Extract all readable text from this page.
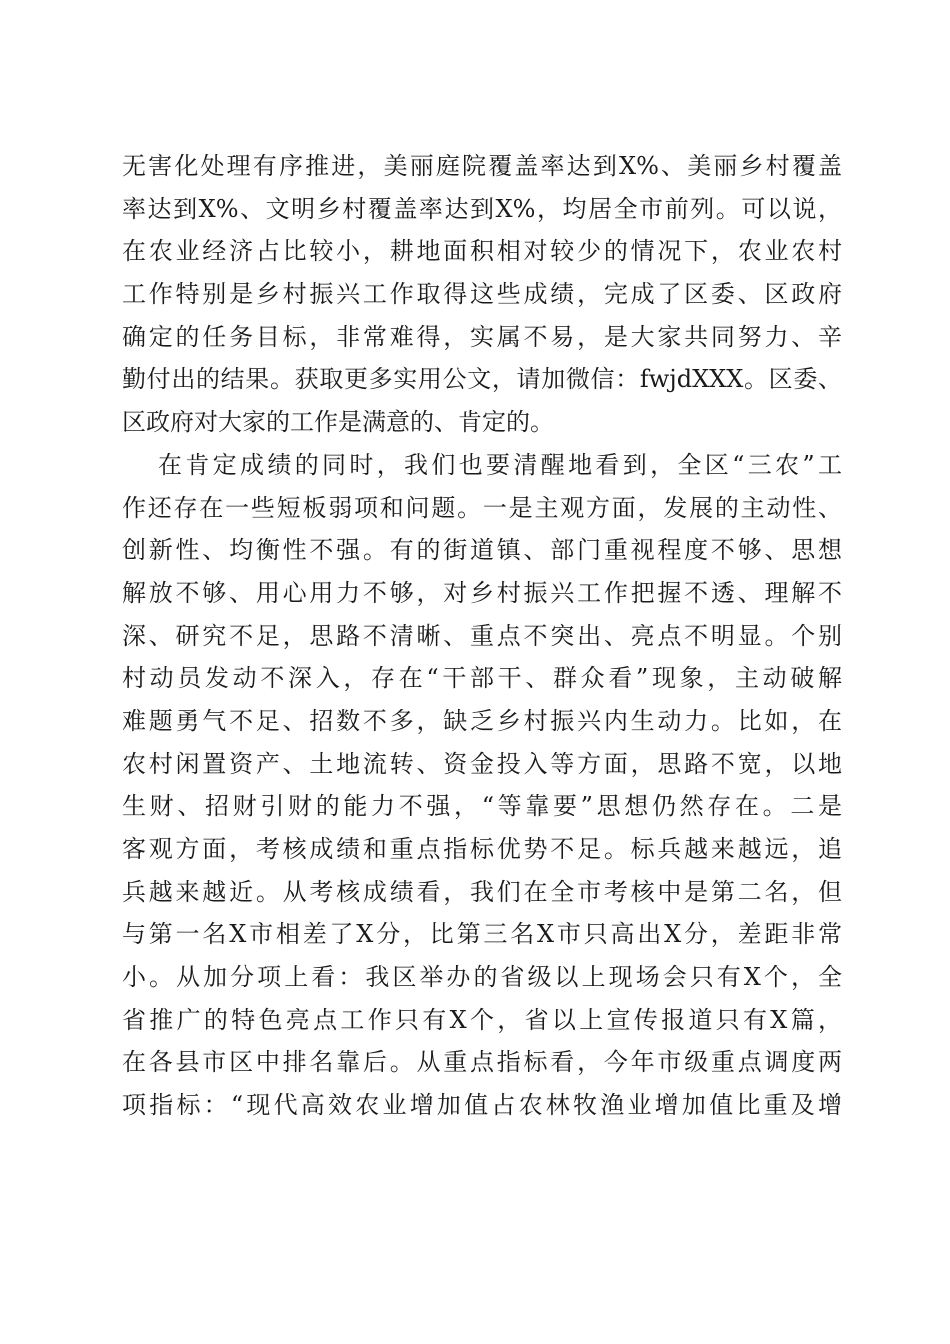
无害化处理有序推进，美丽庭院覆盖率达到X%、美丽乡村覆盖
率达到X%、文明乡村覆盖率达到X%，均居全市前列。可以说，
在农业经济占比较小，耕地面积相对较少的情况下，农业农村
工作特别是乡村振兴工作取得这些成绩，完成了区委、区政府
确定的任务目标，非常难得，实属不易，是大家共同努力、辛
勤付出的结果。获取更多实用公文，请加微信：fwjdXXX。区委、
区政府对大家的工作是满意的、肯定的。
在肯定成绩的同时，我们也要清醒地看到，全区“三农”工
作还存在一些短板弱项和问题。一是主观方面，发展的主动性、
创新性、均衡性不强。有的街道镇、部门重视程度不够、思想
解放不够、用心用力不够，对乡村振兴工作把握不透、理解不
深、研究不足，思路不清晰、重点不突出、亮点不明显。个别
村动员发动不深入，存在“干部干、群众看”现象，主动破解
难题勇气不足、招数不多，缺乏乡村振兴内生动力。比如，在
农村闲置资产、土地流转、资金投入等方面，思路不宽，以地
生财、招财引财的能力不强，“等靠要”思想仍然存在。二是
客观方面，考核成绩和重点指标优势不足。标兵越来越远，追
兵越来越近。从考核成绩看，我们在全市考核中是第二名，但
与第一名X市相差了X分，比第三名X市只高出X分，差距非常
小。从加分项上看：我区举办的省级以上现场会只有X个，全
省推广的特色亮点工作只有X个，省以上宣传报道只有X篇，
在各县市区中排名靠后。从重点指标看，今年市级重点调度两
项指标：“现代高效农业增加值占农林牧渔业增加值比重及增
